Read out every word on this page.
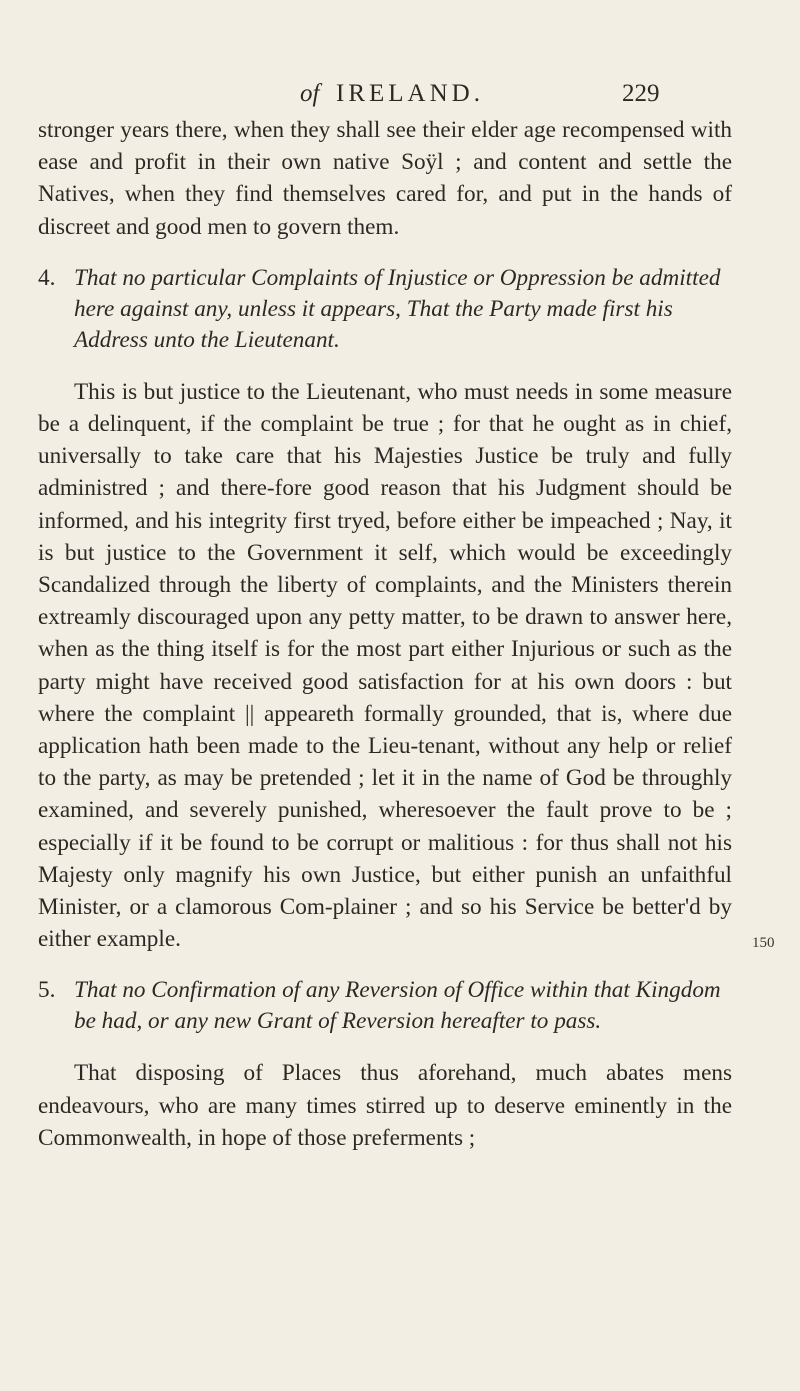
of IRELAND.	229

stronger years there, when they shall see their elder age recompensed with ease and profit in their own native Soÿl ; and content and settle the Natives, when they find themselves cared for, and put in the hands of discreet and good men to govern them.

4. That no particular Complaints of Injustice or Oppression be admitted here against any, unless it appears, That the Party made first his Address unto the Lieutenant.

This is but justice to the Lieutenant, who must needs in some measure be a delinquent, if the complaint be true ; for that he ought as in chief, universally to take care that his Majesties Justice be truly and fully administred ; and there-fore good reason that his Judgment should be informed, and his integrity first tryed, before either be impeached ; Nay, it is but justice to the Government it self, which would be exceedingly Scandalized through the liberty of complaints, and the Ministers therein extreamly discouraged upon any petty matter, to be drawn to answer here, when as the thing itself is for the most part either Injurious or such as the party might have received good satisfaction for at his own doors : but where the complaint || appeareth formally grounded, that is, where due application hath been made to the Lieu-tenant, without any help or relief to the party, as may be pretended ; let it in the name of God be throughly examined, and severely punished, wheresoever the fault prove to be ; especially if it be found to be corrupt or malitious : for thus shall not his Majesty only magnify his own Justice, but either punish an unfaithful Minister, or a clamorous Com-plainer ; and so his Service be better'd by either example.

5. That no Confirmation of any Reversion of Office within that Kingdom be had, or any new Grant of Reversion hereafter to pass.

That disposing of Places thus aforehand, much abates mens endeavours, who are many times stirred up to deserve eminently in the Commonwealth, in hope of those preferments ;

150
